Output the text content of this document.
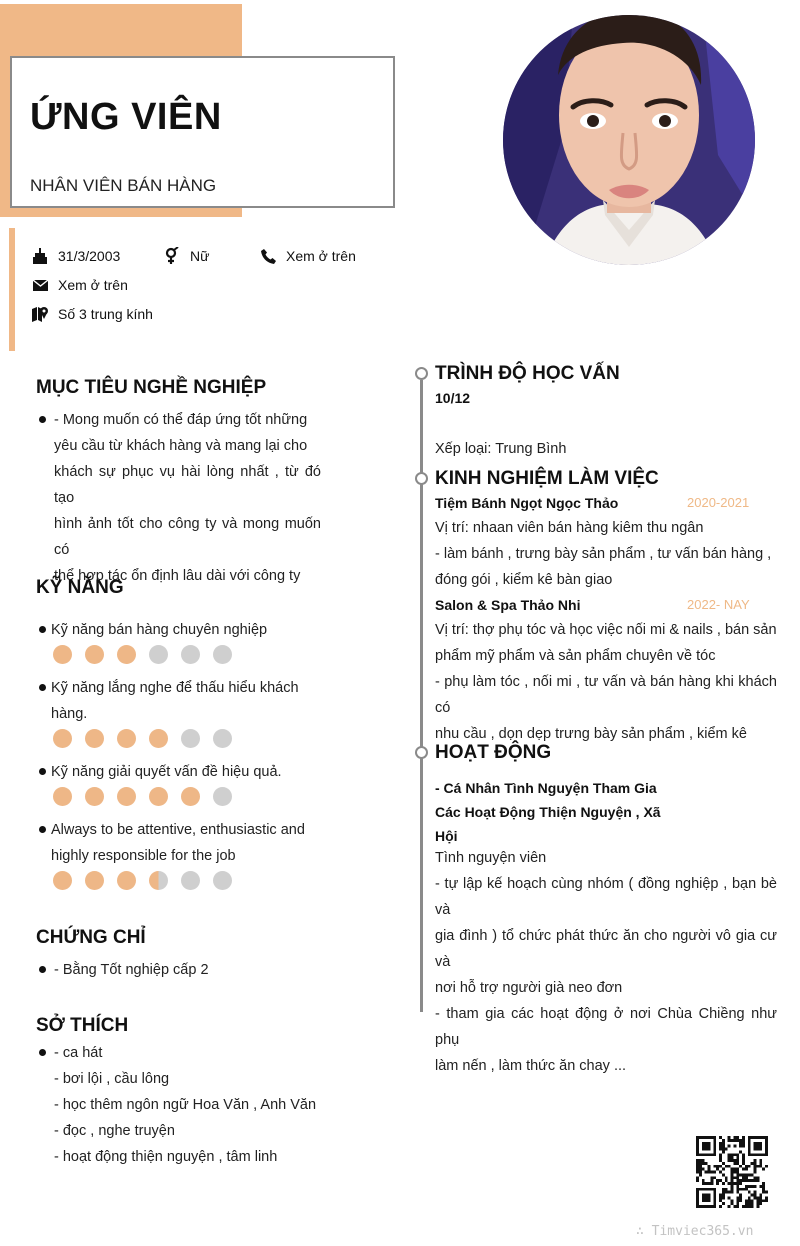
ỨNG VIÊN
NHÂN VIÊN BÁN HÀNG
31/3/2003	Nữ	Xem ở trên
Xem ở trên
Số 3 trung kính
MỤC TIÊU NGHỀ NGHIỆP
- Mong muốn có thể đáp ứng tốt những
yêu cầu từ khách hàng và mang lại cho
khách sự phục vụ hài lòng nhất , từ đó tạo
hình ảnh tốt cho công ty và mong muốn có
thể hợp tác ổn định lâu dài với công ty
KỸ NĂNG
Kỹ năng bán hàng chuyên nghiệp
Kỹ năng lắng nghe để thấu hiểu khách
hàng.
Kỹ năng giải quyết vấn đề hiệu quả.
Always to be attentive, enthusiastic and
highly responsible for the job
CHỨNG CHỈ
- Bằng Tốt nghiệp cấp 2
SỞ THÍCH
- ca hát
- bơi lội , cầu lông
- học thêm ngôn ngữ Hoa Văn , Anh Văn
- đọc , nghe truyện
- hoạt động thiện nguyện , tâm linh
TRÌNH ĐỘ HỌC VẤN
10/12
Xếp loại: Trung Bình
KINH NGHIỆM LÀM VIỆC
Tiệm Bánh Ngọt Ngọc Thảo	2020-2021
Vị trí: nhaan viên bán hàng kiêm thu ngân
- làm bánh , trưng bày sản phẩm , tư vấn bán hàng ,
đóng gói , kiểm kê bàn giao
Salon & Spa Thảo Nhi	2022- NAY
Vị trí: thợ phụ tóc và học việc nối mi & nails , bán sản
phẩm mỹ phẩm và sản phẩm chuyên về tóc
- phụ làm tóc , nối mi , tư vấn và bán hàng khi khách có
nhu cầu , dọn dẹp trưng bày sản phẩm , kiểm kê
HOẠT ĐỘNG
- Cá Nhân Tình Nguyện Tham Gia
Các Hoạt Động Thiện Nguyện , Xã
Hội
Tình nguyện viên
- tự lập kế hoạch cùng nhóm ( đồng nghiệp , bạn bè và
gia đình ) tổ chức phát thức ăn cho người vô gia cư và
nơi hỗ trợ người già neo đơn
- tham gia các hoạt động ở nơi Chùa Chiềng như phụ
làm nến , làm thức ăn chay ...
∴ Timviec365.vn
